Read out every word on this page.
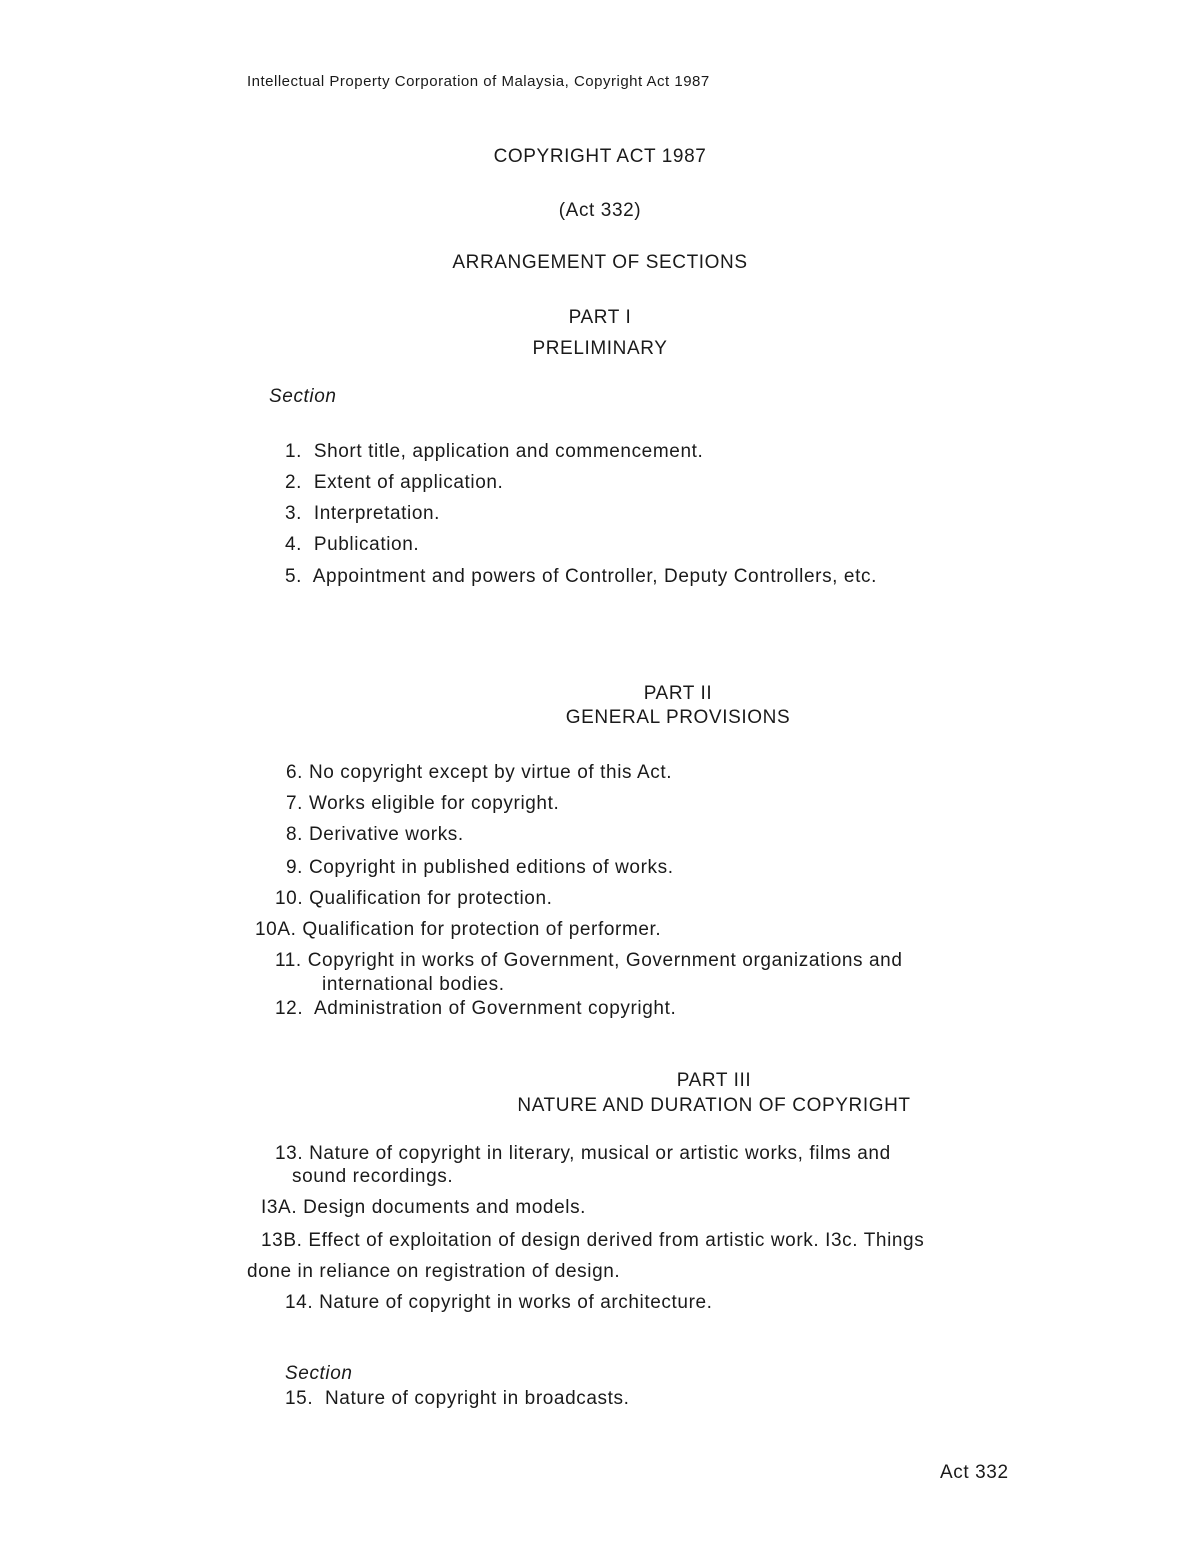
Intellectual Property Corporation of Malaysia, Copyright Act 1987
COPYRIGHT ACT 1987
(Act 332)
ARRANGEMENT OF SECTIONS
PART I
PRELIMINARY
Section
1. Short title, application and commencement.
2. Extent of application.
3. Interpretation.
4. Publication.
5. Appointment and powers of Controller, Deputy Controllers, etc.
PART II
GENERAL PROVISIONS
6. No copyright except by virtue of this Act.
7. Works eligible for copyright.
8. Derivative works.
9. Copyright in published editions of works.
10. Qualification for protection.
10A. Qualification for protection of performer.
11. Copyright in works of Government, Government organizations and
international bodies.
12. Administration of Government copyright.
PART III
NATURE AND DURATION OF COPYRIGHT
13. Nature of copyright in literary, musical or artistic works, films and
sound recordings.
I3A. Design documents and models.
13B. Effect of exploitation of design derived from artistic work. I3c. Things
done in reliance on registration of design.
14. Nature of copyright in works of architecture.
Section
15. Nature of copyright in broadcasts.
Act 332
